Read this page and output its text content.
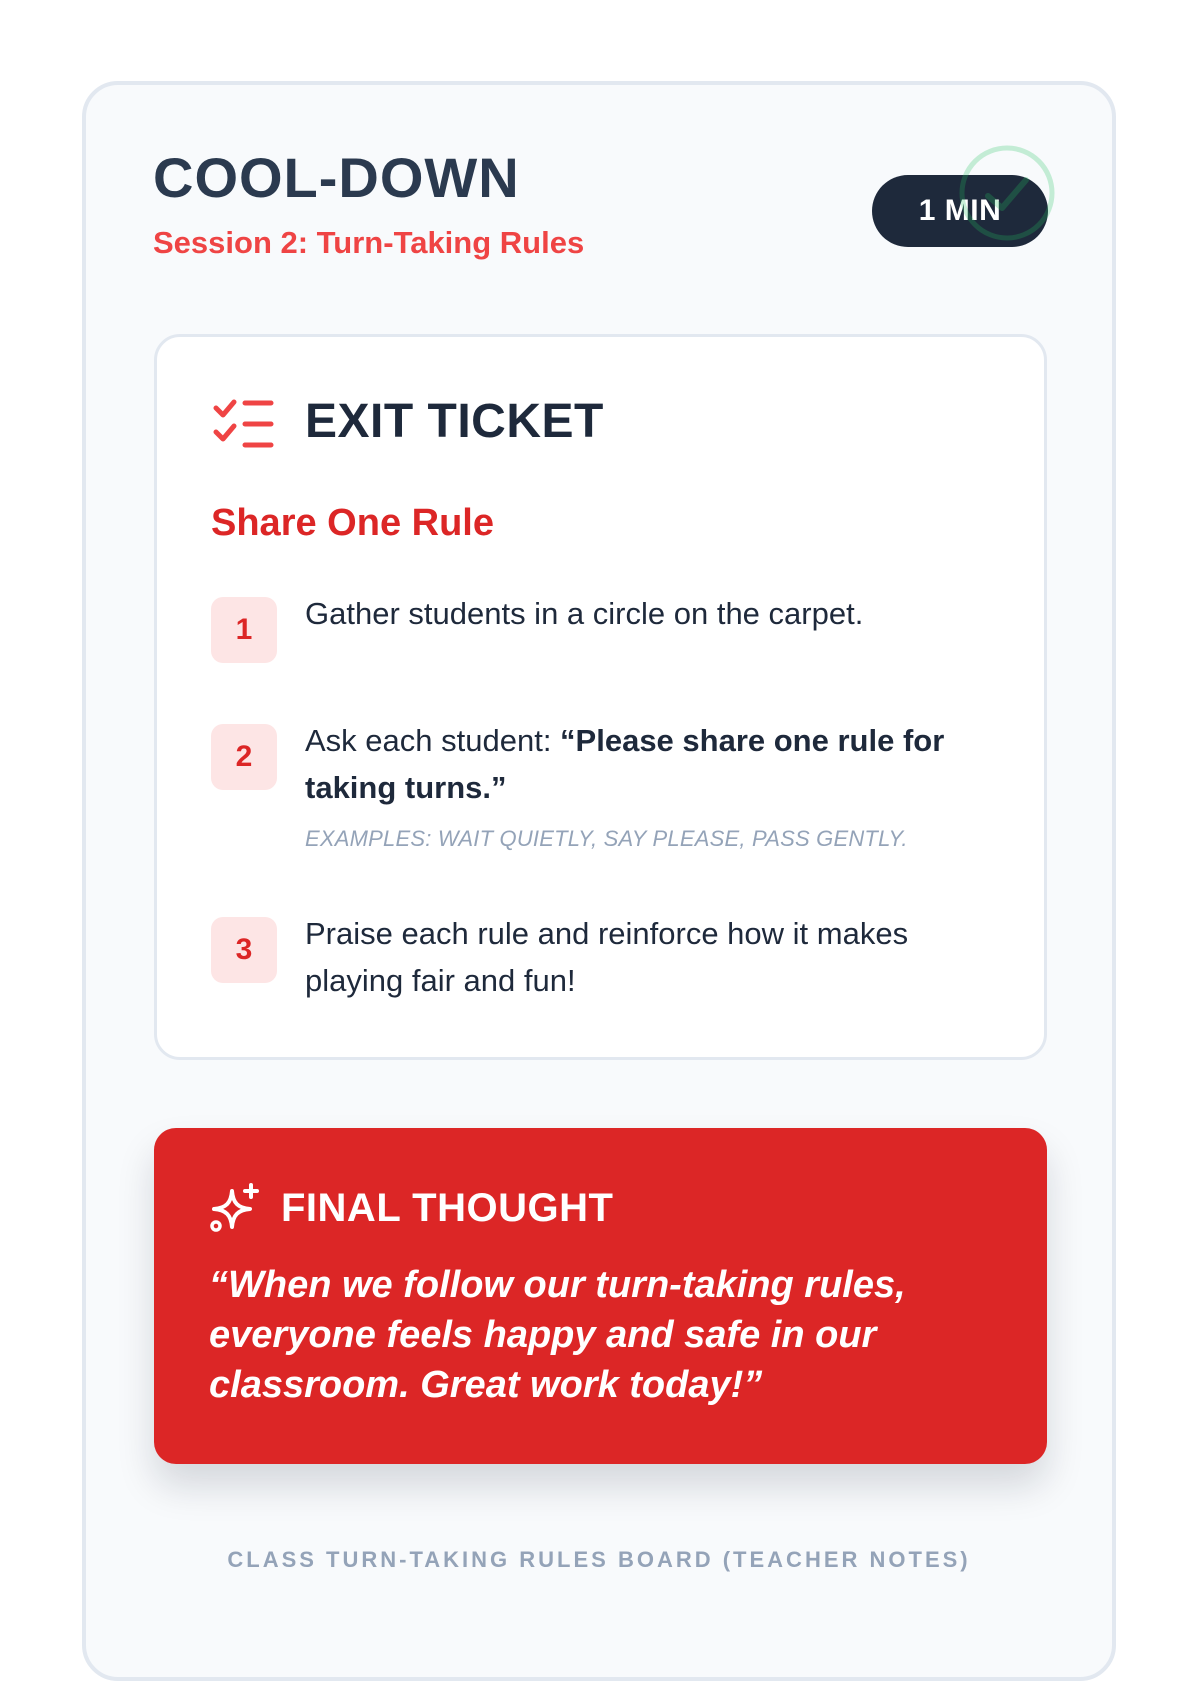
COOL-DOWN
Session 2: Turn-Taking Rules
1 MIN
EXIT TICKET
Share One Rule
1	Gather students in a circle on the carpet.
2	Ask each student: “Please share one rule for taking turns.”
EXAMPLES: WAIT QUIETLY, SAY PLEASE, PASS GENTLY.
3	Praise each rule and reinforce how it makes playing fair and fun!
FINAL THOUGHT
“When we follow our turn-taking rules, everyone feels happy and safe in our classroom. Great work today!”
CLASS TURN-TAKING RULES BOARD (TEACHER NOTES)
